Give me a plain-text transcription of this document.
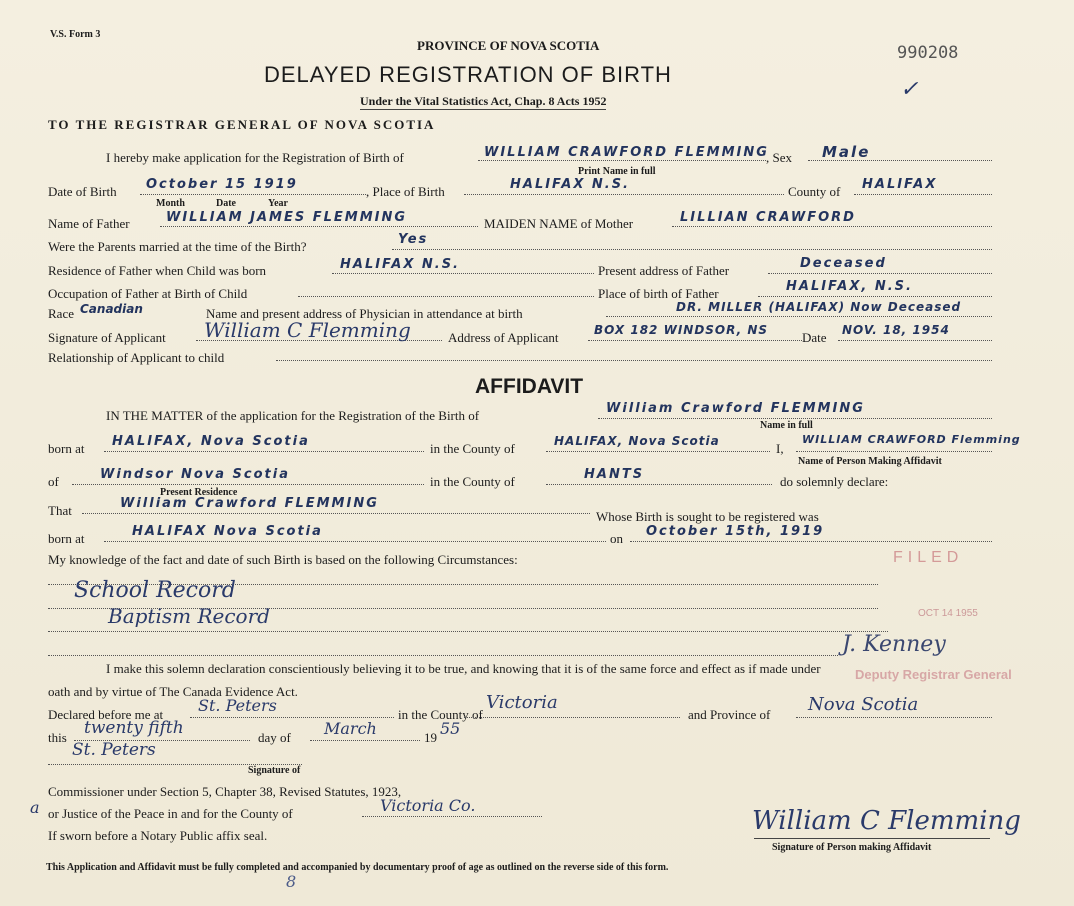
V.S. Form 3
PROVINCE OF NOVA SCOTIA	990208
✓
DELAYED REGISTRATION OF BIRTH
Under the Vital Statistics Act, Chap. 8 Acts 1952
TO THE REGISTRAR GENERAL OF NOVA SCOTIA
I hereby make application for the Registration of Birth of	WILLIAM CRAWFORD FLEMMING
, Sex Male
Print Name in full
Date of Birth October 15 1919	, Place of Birth	HALIFAX N.S.	County of HALIFAX
Month	Date	Year
Name of Father	WILLIAM JAMES FLEMMING	MAIDEN NAME of Mother	LILLIAN CRAWFORD
Were the Parents married at the time of the Birth?	Yes
Residence of Father when Child was born	HALIFAX N.S.	Present address of Father	Deceased
Occupation of Father at Birth of Child	Place of birth of Father	HALIFAX, N.S.
Race Canadian	Name and present address of Physician in attendance at birth	DR. MILLER (HALIFAX) Now Deceased
Signature of Applicant William C Flemming	Address of Applicant	BOX 182 WINDSOR, NS	Date NOV. 18, 1954
Relationship of Applicant to child
AFFIDAVIT
IN THE MATTER of the application for the Registration of the Birth of	William Crawford FLEMMING
Name in full
born at HALIFAX, Nova Scotia	in the County of	HALIFAX, Nova Scotia	I,
WILLIAM CRAWFORD Flemming
Name of Person Making Affidavit
of	Windsor Nova Scotia	in the County of	HANTS	do solemnly declare:
Present Residence
That	William Crawford FLEMMING
Whose Birth is sought to be registered was
born at	HALIFAX Nova Scotia	on October 15th, 1919
My knowledge of the fact and date of such Birth is based on the following Circumstances:
School Record
Baptism Record
I make this solemn declaration conscientiously believing it to be true, and knowing that it is of the same force and effect as if made under
oath and by virtue of The Canada Evidence Act.
Declared before me at St. Peters	in the County of
Victoria
and Province of Nova Scotia
this twenty fifth	day of March	19 55
St. Peters
Signature of
Commissioner under Section 5, Chapter 38, Revised Statutes, 1923,
a or Justice of the Peace in and for the County of	Victoria Co.
If sworn before a Notary Public affix seal.	William C Flemming
Signature of Person making Affidavit
FILED
OCT 14 1955
Deputy Registrar General
J. Kenney
This Application and Affidavit must be fully completed and accompanied by documentary proof of age as outlined on the reverse side of this form.
8
